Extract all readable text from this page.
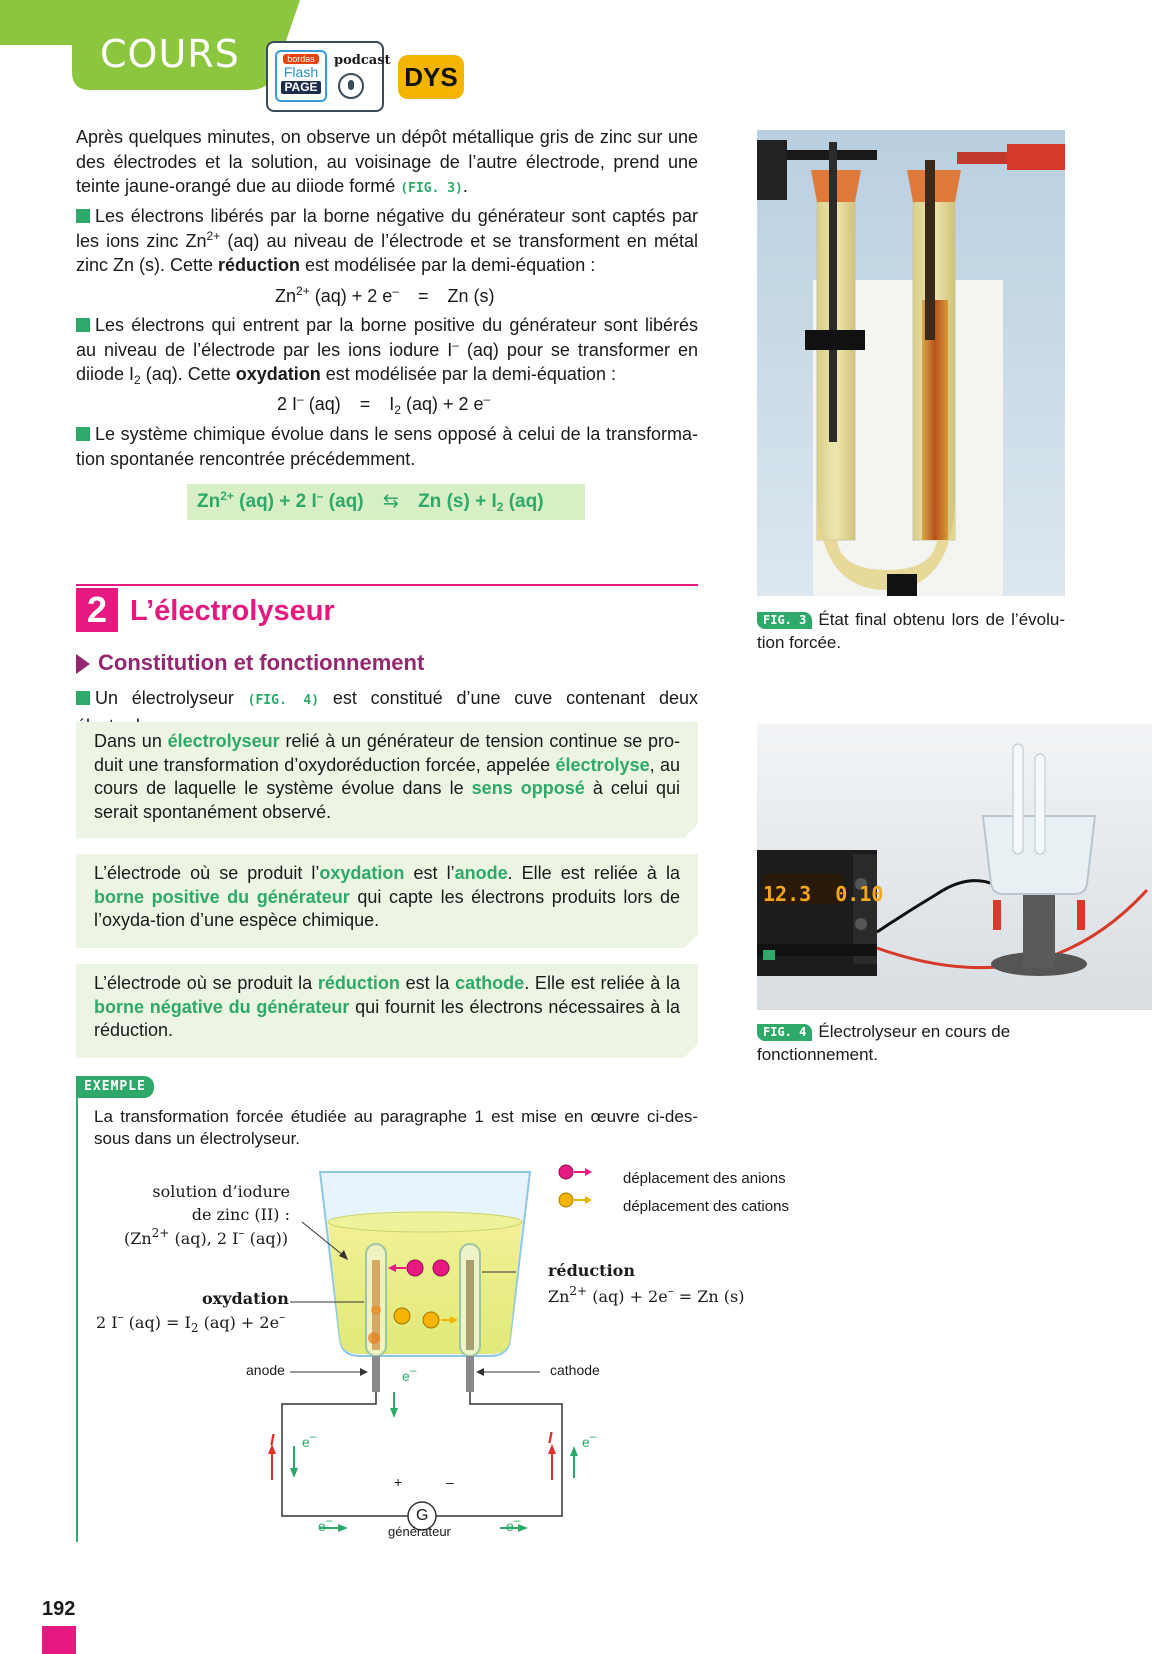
COURS	bordas
Flash
PAGE
podcast
DYS
Après quelques minutes, on observe un dépôt métallique gris de zinc sur une des électrodes et la solution, au voisinage de l’autre électrode, prend une teinte jaune-orangé due au diiode formé (FIG. 3).
Les électrons libérés par la borne négative du générateur sont captés par les ions zinc $Zn^{2+}$ (aq) au niveau de l’électrode et se transforment en métal zinc Zn (s). Cette réduction est modélisée par la demi-équation :
$Zn^{2+}$ (aq) + 2 e– = Zn (s)
Les électrons qui entrent par la borne positive du générateur sont libérés au niveau de l’électrode par les ions iodure I– (aq) pour se transformer en diiode $I_2$ (aq). Cette oxydation est modélisée par la demi-équation :
2 I– $(aq) = I_2$ (aq) + 2 e–
Le système chimique évolue dans le sens opposé à celui de la transforma-tion spontanée rencontrée précédemment.
$Zn^{2+}$ (aq) + 2 I– (aq) ⇆ Zn $(s) + I_2$ (aq)
2 L’électrolyseur
Constitution et fonctionnement
Un électrolyseur (FIG. 4) est constitué d’une cuve contenant deux
Dans un électrolyseur relié à un générateur de tension continue se pro-duit une transformation d’oxydoréduction forcée, appelée électrolyse, au cours de laquelle le système évolue dans le sens opposé à celui qui serait spontanément observé.
L’électrode où se produit l’oxydation est l’anode. Elle est reliée à la borne positive du générateur qui capte les électrons produits lors de l’oxyda-tion d’une espèce chimique.
L’électrode où se produit la réduction est la cathode. Elle est reliée à la borne négative du générateur qui fournit les électrons nécessaires à la réduction.
EXEMPLE
La transformation forcée étudiée au paragraphe 1 est mise en œuvre ci-des-sous dans un électrolyseur.
solution d’iodure
de zinc (II) :
($Zn^{2+}$ (aq), 2 I– (aq))
oxydation
2 I– $(aq) = I_2$ (aq) + 2e–
réduction
$Zn^{2+}$ (aq) + 2e– = Zn (s)
déplacement des anions
déplacement des cations
anode	cathode
e–
e–	e–
e–	e–
I	I
+	–
G
générateur
FIG. 3 État final obtenu lors de l’évolu-tion forcée.
12.3  0.10
FIG. 4 Électrolyseur en cours de fonctionnement.
192
